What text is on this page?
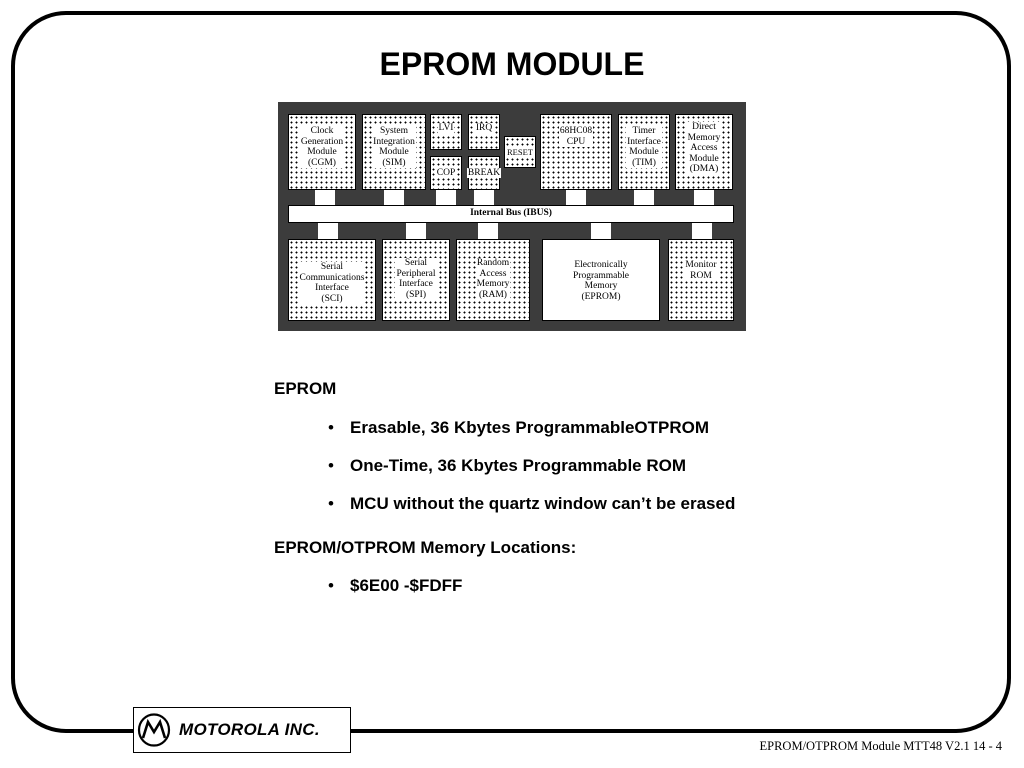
EPROM MODULE
Clock
Generation
Module
(CGM)
System
Integration
Module
(SIM)
LVI IRQ
COP BREAK
RESET
68HC08
CPU
Timer
Interface
Module
(TIM)
Direct
Memory
Access
Module
(DMA)
Internal Bus (IBUS)
Serial
Communications
Interface
(SCI)
Serial
Peripheral
Interface
(SPI)
Random
Access
Memory
(RAM)
Electronically
Programmable
Memory
(EPROM)
Monitor
ROM
EPROM
• Erasable, 36 Kbytes ProgrammableOTPROM
• One-Time, 36 Kbytes Programmable ROM
• MCU without the quartz window can’t be erased
EPROM/OTPROM Memory Locations:
• $6E00 -$FDFF
MOTOROLA INC.
EPROM/OTPROM Module MTT48 V2.1 14 - 4
